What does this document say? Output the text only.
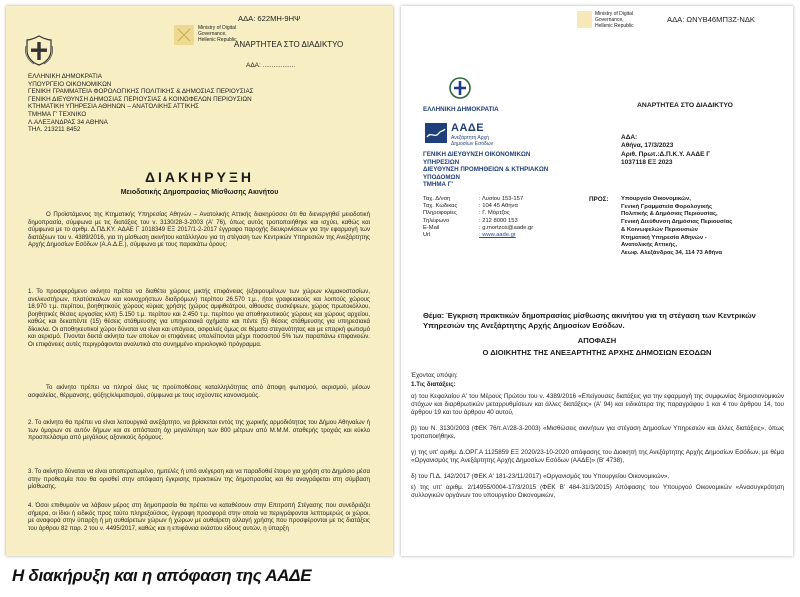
Ministry of Digital
Governance,
Hellenic Republic
ΑΔΑ: 622ΜΗ-9ΗΨ
ΑΝΑΡΤΗΤΕΑ ΣΤΟ ΔΙΑΔΙΚΤΥΟ
ΑΔΑ: ..................
ΕΛΛΗΝΙΚΗ ΔΗΜΟΚΡΑΤΙΑ
ΥΠΟΥΡΓΕΙΟ ΟΙΚΟΝΟΜΙΚΩΝ
ΓΕΝΙΚΗ ΓΡΑΜΜΑΤΕΙΑ ΦΟΡΟΛΟΓΙΚΗΣ ΠΟΛΙΤΙΚΗΣ & ΔΗΜΟΣΙΑΣ ΠΕΡΙΟΥΣΙΑΣ
ΓΕΝΙΚΗ ΔΙΕΥΘΥΝΣΗ ΔΗΜΟΣΙΑΣ ΠΕΡΙΟΥΣΙΑΣ & ΚΟΙΝΩΦΕΛΩΝ ΠΕΡΙΟΥΣΙΩΝ
ΚΤΗΜΑΤΙΚΗ ΥΠΗΡΕΣΙΑ ΑΘΗΝΩΝ – ΑΝΑΤΟΛΙΚΗΣ ΑΤΤΙΚΗΣ
ΤΜΗΜΑ Γ' ΤΕΧΝΙΚΟ
Λ.ΑΛΕΞΑΝΔΡΑΣ 34 ΑΘΗΝΑ
ΤΗΛ. 213211 8452
ΔΙΑΚΗΡΥΞΗ
Μειοδοτικής Δημοπρασίας Μίσθωσης Ακινήτου
Ο Προϊστάμενος της Κτηματικής Υπηρεσίας Αθηνών – Ανατολικής Αττικής διακηρύσσει ότι θα διενεργηθεί μειοδοτική δημοπρασία, σύμφωνα με τις διατάξεις του ν. 3130/28-3-2003 (Α' 76), όπως αυτός τροποποιήθηκε και ισχύει, καθώς και σύμφωνα με το αριθμ. Δ.ΠΔ.ΚΥ. ΑΔΑΕ Γ 1018349 ΕΞ 2017/1-2-2017 έγγραφο παροχής διευκρινίσεων για την εφαρμογή των διατάξεων του ν. 4389/2016, για τη μίσθωση ακινήτου κατάλληλου για τη στέγαση των Κεντρικών Υπηρεσιών της Ανεξάρτητης Αρχής Δημοσίων Εσόδων (Α.Α.Δ.Ε.), σύμφωνα με τους παρακάτω όρους:
1. Το προσφερόμενο ακίνητο πρέπει να διαθέτει χώρους μικτής επιφάνειας (εξαιρουμένων των χώρων κλιμακοστασίων, ανελκυστήρων, πλατύσκαλων και κοινοχρήστων διαδρόμων) περίπου 26.570 τ.μ., ήτοι γραφειακούς και λοιπούς χώρους 18.970 τ.μ. περίπου, βοηθητικούς χώρους κύριας χρήσης (χώρος αμφιθεάτρου, αίθουσες συσκέψεων, χώρος πρωτοκόλλου, βοηθητικές θέσεις εργασίας κλπ) 5.150 τ.μ. περίπου και 2.450 τ.μ. περίπου για αποθηκευτικούς χώρους και χώρους αρχείου, καθώς και δεκαπέντε (15) θέσεις στάθμευσης για υπηρεσιακά οχήματα και πέντε (5) θέσεις στάθμευσης για υπηρεσιακά δίκυκλα. Οι αποθηκευτικοί χώροι δύναται να είναι και υπόγειοι, ασφαλείς όμως σε θέματα στεγανότητας και με επαρκή φωτισμό και αερισμό. Γίνονται δεκτά ακίνητα των οποίων οι επιφάνειες υπολείπονται μέχρι ποσοστού 5% των παραπάνω επιφανειών. Οι επιφάνειες αυτές περιγράφονται αναλυτικά στο συνημμένο κτιριολογικό πρόγραμμα.
Το ακίνητο πρέπει να πληροί όλες τις προϋποθέσεις καταλληλότητας από άποψη φωτισμού, αερισμού, μέσων ασφαλείας, θέρμανσης, ψύξης/κλιματισμού, σύμφωνα με τους ισχύοντες κανονισμούς.
2. Το ακίνητο θα πρέπει να είναι λειτουργικά ανεξάρτητο, να βρίσκεται εντός της χωρικής αρμοδιότητας του Δήμου Αθηναίων ή των όμορων σε αυτόν δήμων και σε απόσταση όχι μεγαλύτερη των 800 μέτρων από Μ.Μ.Μ. σταθερής τροχιάς και κύκλο προσπελάσιμο από μεγάλους αξονικούς δρόμους.
3. Το ακίνητο δύναται να είναι αποπερατωμένο, ημιτελές ή υπό ανέγερση και να παραδοθεί έτοιμο για χρήση στο Δημόσιο μέσα στην προθεσμία που θα ορισθεί στην απόφαση έγκρισης πρακτικών της δημοπρασίας και θα αναγράφεται στη σύμβαση μίσθωσης.
4. Όσοι επιθυμούν να λάβουν μέρος στη δημοπρασία θα πρέπει να καταθέσουν στην Επιτροπή Στέγασης που συνεδριάζει σήμερα, οι ίδιοι ή ειδικός προς τούτο πληρεξούσιος, έγγραφη προσφορά στην οποία να περιγράφονται λεπτομερώς οι χώροι, με αναφορά στην ύπαρξη ή μη αυθαίρετων χώρων ή χώρων με αυθαίρετη αλλαγή χρήσης που προσφέρονται με τις διατάξεις του άρθρου 82 παρ. 2 του ν. 4495/2017, καθώς και η επιφάνεια εκάστου είδους αυτών, η ύπαρξη
Ministry of Digital
Governance,
Hellenic Republic
ΑΔΑ: ΩΝΥΒ46ΜΠ3Ζ-ΝΔΚ
ΕΛΛΗΝΙΚΗ ΔΗΜΟΚΡΑΤΙΑ
ΑΝΑΡΤΗΤΕΑ ΣΤΟ ΔΙΑΔΙΚΤΥΟ
ΑΑΔΕ
Ανεξάρτητη Αρχή
Δημοσίων Εσόδων
ΑΔΑ:
Αθήνα, 17/3/2023
Αριθ. Πρωτ.:Δ.Π.Κ.Υ. ΑΑΔΕ Γ
1037118 ΕΞ 2023
ΓΕΝΙΚΗ ΔΙΕΥΘΥΝΣΗ ΟΙΚΟΝΟΜΙΚΩΝ
ΥΠΗΡΕΣΙΩΝ
ΔΙΕΥΘΥΝΣΗ ΠΡΟΜΗΘΕΙΩΝ & ΚΤΗΡΙΑΚΩΝ
ΥΠΟΔΟΜΩΝ
ΤΜΗΜΑ Γ'
Ταχ. Δ/νση	: Λυσίου 153-157
Ταχ. Κώδικας	: 104 45 Αθήνα
Πληροφορίες	: Γ. Μόρτζος
Τηλέφωνο	: 212 8000 153
E-Mail	: g.mortzos@aade.gr
Url	: www.aade.gr
ΠΡΟΣ: Υπουργείο Οικονομικών,
Γενική Γραμματεία Φορολογικής
Πολιτικής & Δημόσιας Περιουσίας,
Γενική Διεύθυνση Δημόσιας Περιουσίας
& Κοινωφελών Περιουσιών
Κτηματική Υπηρεσία Αθηνών -
Ανατολικής Αττικής,
Λεωφ. Αλεξάνδρας 34, 114 73 Αθήνα
Θέμα: Έγκριση πρακτικών δημοπρασίας μίσθωσης ακινήτου για τη στέγαση των Κεντρικών Υπηρεσιών της Ανεξάρτητης Αρχής Δημοσίων Εσόδων.
ΑΠΟΦΑΣΗ
Ο ΔΙΟΙΚΗΤΗΣ ΤΗΣ ΑΝΕΞΑΡΤΗΤΗΣ ΑΡΧΗΣ ΔΗΜΟΣΙΩΝ ΕΣΟΔΩΝ
Έχοντας υπόψη:
1.Τις διατάξεις:
α) του Κεφαλαίου Α' του Μέρους Πρώτου του ν. 4389/2016 «Επείγουσες διατάξεις για την εφαρμογή της συμφωνίας δημοσιονομικών στόχων και διαρθρωτικών μεταρρυθμίσεων και άλλες διατάξεις» (Α' 94) και ειδικότερα της παραγράφου 1 και 4 του άρθρου 14, του άρθρου 19 και του άρθρου 40 αυτού,
β) του Ν. 3130/2003 (ΦΕΚ 76/τ.Α'/28-3-2003) «Μισθώσεις ακινήτων για στέγαση Δημοσίων Υπηρεσιών και άλλες διατάξεις», όπως τροποποιήθηκε,
γ) της υπ' αριθμ. Δ.ΟΡΓ.Α 1125859 ΕΞ 2020/23-10-2020 απόφασης του Διοικητή της Ανεξάρτητης Αρχής Δημοσίων Εσόδων, με θέμα «Οργανισμός της Ανεξάρτητης Αρχής Δημοσίων Εσόδων (ΑΑΔΕ)» (Β' 4738),
δ) του Π.Δ. 142/2017 (ΦΕΚ Α' 181-23/11/2017) «Οργανισμός του Υπουργείου Οικονομικών»,
ε) της υπ' αριθμ. 2/14955/0004-17/3/2015 (ΦΕΚ Β' 484-31/3/2015) Απόφασης του Υπουργού Οικονομικών «Ανασυγκρότηση συλλογικών οργάνων του υπουργείου Οικονομικών,
Η διακήρυξη και η απόφαση της ΑΑΔΕ
